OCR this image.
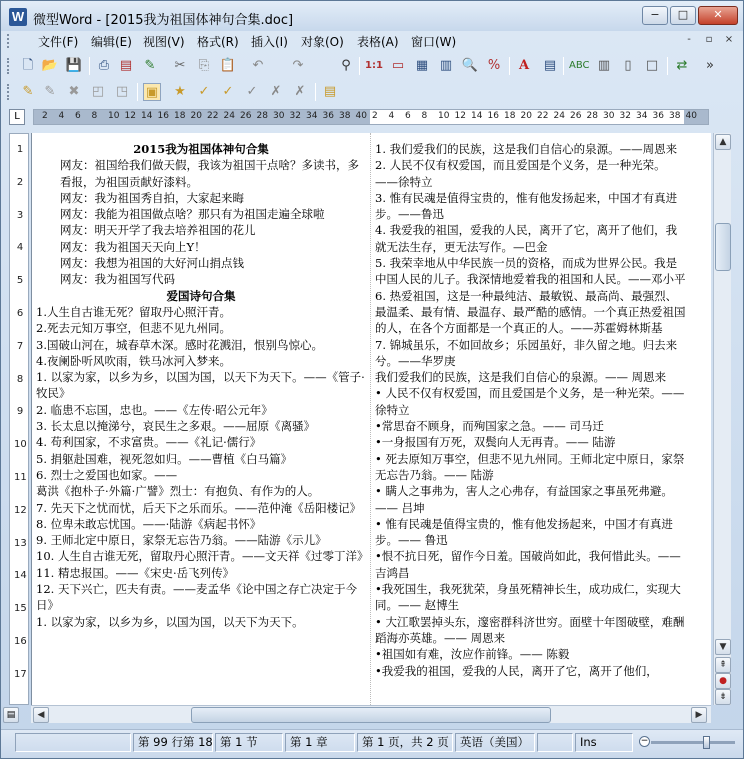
W 微型Word - [2015我为祖国体神句合集.doc]	−	□	✕
文件(F) 编辑(E) 视图(V) 格式(R) 插入(I) 对象(O) 表格(A) 窗口(W)	-	▫	×
🗋 📂 💾 ⎙ ▤ ✎ ✂ ⎘ 📋 ↶ ↷	⚲	1:1 ▭ ▦ ▥ 🔍 %	A	▤ ABC ▥	▯	□ ⇄	»
✎ ✎ ✖ ◰ ◳ ▣ ★ ✓ ✓ ✓ ✗ ✗ ▤
L	2 4 6 8 10 12 14 16 18 20 22 24 26 28 30 32 34 36 38 40 2 4 6 8 10 12 14 16 18 20 22 24 26 28 30 32 34 36 38 40
1
2
3
4
5
6
7
8
9
10
11
12
13
14
15
16
17

2015我为祖国体神句合集

网友：祖国给我们做天假，我该为祖国干点啥？多读书，多看报，为祖国贡献好漆料。

网友：我为祖国秀自拍，大家起来晦

网友：我能为祖国做点啥？那只有为祖国走遍全球啦

网友：明天开学了我去培养祖国的花儿

网友：我为祖国天天向上Y！

网友：我想为祖国的大好河山捐点钱

网友：我为祖国写代码

爱国诗句合集

1.人生自古谁无死？留取丹心照汗青。

2.死去元知万事空，但悲不见九州同。

3.国破山河在，城春草木深。感时花溅泪，恨别鸟惊心。

4.夜阑卧听风吹雨，铁马冰河入梦来。

1. 以家为家，以乡为乡，以国为国，以天下为天下。——《管子·牧民》

2. 临患不忘国，忠也。——《左传·昭公元年》

3. 长太息以掩涕兮，哀民生之多艰。——屈原《离骚》

4. 苟利国家，不求富贵。——《礼记·儒行》

5. 捐躯赴国难，视死忽如归。——曹植《白马篇》

6. 烈士之爱国也如家。——

葛洪《抱朴子·外篇·广譬》烈士：有抱负、有作为的人。

7. 先天下之忧而忧，后天下之乐而乐。——范仲淹《岳阳楼记》

8. 位卑未敢忘忧国。——·陆游《病起书怀》

9. 王师北定中原日，家祭无忘告乃翁。——陆游《示儿》

10. 人生自古谁无死，留取丹心照汗青。——文天祥《过零丁洋》

11. 精忠报国。——《宋史·岳飞列传》

12. 天下兴亡，匹夫有责。——麦孟华《论中国之存亡决定于今日》

1. 以家为家，以乡为乡，以国为国，以天下为天下。

1. 我们爱我们的民族，这是我们自信心的泉源。——周恩来

2. 人民不仅有权爱国，而且爱国是个义务，是一种光荣。——徐特立

3. 惟有民魂是值得宝贵的，惟有他发扬起来，中国才有真进步。——鲁迅

4. 我爱我的祖国，爱我的人民，离开了它，离开了他们，我就无法生存，更无法写作。—巴金

5. 我荣幸地从中华民族一员的资格，而成为世界公民。我是中国人民的儿子。我深情地爱着我的祖国和人民。——邓小平

6. 热爱祖国，这是一种最纯洁、最敏锐、最高尚、最强烈、最温柔、最有情、最温存、最严酷的感情。一个真正热爱祖国的人，在各个方面都是一个真正的人。——苏霍姆林斯基

7. 锦城虽乐，不如回故乡；乐园虽好，非久留之地。归去来兮。——华罗庚

我们爱我们的民族，这是我们自信心的泉源。—— 周恩来

• 人民不仅有权爱国，而且爱国是个义务，是一种光荣。—— 徐特立

•常思奋不顾身，而殉国家之急。—— 司马迁

•一身报国有万死，双鬓向人无再青。—— 陆游

• 死去原知万事空，但悲不见九州同。王师北定中原日，家祭无忘告乃翁。—— 陆游

• 瞒人之事弗为，害人之心弗存，有益国家之事虽死弗避。—— 吕坤

• 惟有民魂是值得宝贵的，惟有他发扬起来，中国才有真进步。—— 鲁迅

•恨不抗日死，留作今日羞。国破尚如此，我何惜此头。—— 吉鸿昌

•我死国生，我死犹荣，身虽死精神长生，成功成仁，实现大同。—— 赵博生

• 大江歌罢掉头东，邃密群科济世穷。面壁十年图破壁，难酬蹈海亦英雄。—— 周恩来

•祖国如有难，汝应作前锋。—— 陈毅

•我爱我的祖国，爱我的人民，离开了它，离开了他们，

▲
▼
⇞
●
⇟
▤	◀	▶
第 99 行第 18 第 1 节	第 1 章	第 1 页，共 2 页 英语（美国）	Ins	−
